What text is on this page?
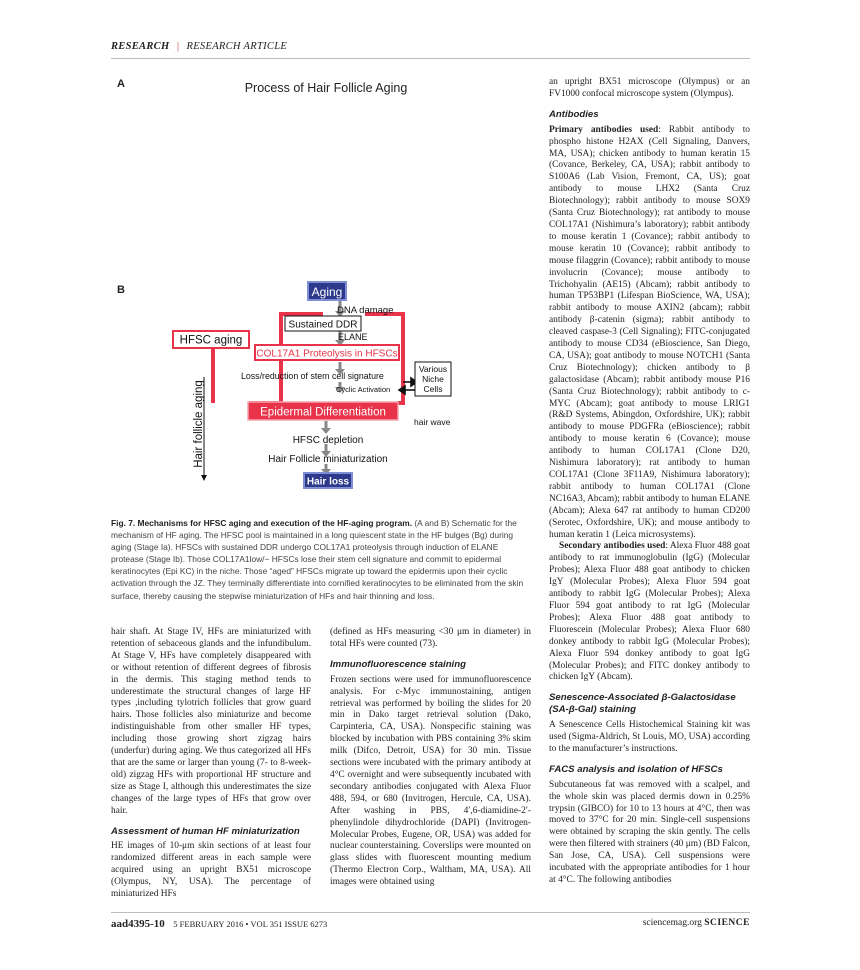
RESEARCH | RESEARCH ARTICLE
A	Process of Hair Follicle Aging
B	Aging
DNA damage
Sustained DDR
ELANE
HFSC aging
COL17A1 Proteolysis in HFSCs
Loss/reduction of stem cell signature
Cyclic Activation
Various
Niche
Cells
hair wave
Epidermal Differentiation
HFSC depletion
Hair Follicle miniaturization
Hair loss
Hair follicle aging
Fig. 7. Mechanisms for HFSC aging and execution of the HF-aging program. (A and B) Schematic for the mechanism of HF aging. The HFSC pool is maintained in a long quiescent state in the HF bulges (Bg) during aging (Stage Ia). HFSCs with sustained DDR undergo COL17A1 proteolysis through induction of ELANE protease (Stage Ib). Those COL17A1low/− HFSCs lose their stem cell signature and commit to epidermal keratinocytes (Epi KC) in the niche. Those “aged” HFSCs migrate up toward the epidermis upon their cyclic activation through the JZ. They terminally differentiate into cornified keratinocytes to be eliminated from the skin surface, thereby causing the stepwise miniaturization of HFs and hair thinning and loss.

hair shaft. At Stage IV, HFs are miniaturized with retention of sebaceous glands and the infundibulum. At Stage V, HFs have completely disappeared with or without retention of different degrees of fibrosis in the dermis. This staging method tends to underestimate the structural changes of large HF types ,including tylotrich follicles that grow guard hairs. Those follicles also miniaturize and become indistinguishable from other smaller HF types, including those growing short zigzag hairs (underfur) during aging. We thus categorized all HFs that are the same or larger than young (7- to 8-week-old) zigzag HFs with proportional HF structure and size as Stage I, although this underestimates the size changes of the large types of HFs that grow over hair.

Assessment of human HF miniaturization

HE images of 10-μm skin sections of at least four randomized different areas in each sample were acquired using an upright BX51 microscope (Olympus, NY, USA). The percentage of miniaturized HFs

(defined as HFs measuring <30 μm in diameter) in total HFs were counted (73).

Immunofluorescence staining

Frozen sections were used for immunofluorescence analysis. For c-Myc immunostaining, antigen retrieval was performed by boiling the slides for 20 min in Dako target retrieval solution (Dako, Carpinteria, CA, USA). Nonspecific staining was blocked by incubation with PBS containing 3% skim milk (Difco, Detroit, USA) for 30 min. Tissue sections were incubated with the primary antibody at 4°C overnight and were subsequently incubated with secondary antibodies conjugated with Alexa Fluor 488, 594, or 680 (Invitrogen, Hercule, CA, USA). After washing in PBS, 4′,6-diamidine-2′-phenylindole dihydrochloride (DAPI) (Invitrogen-Molecular Probes, Eugene, OR, USA) was added for nuclear counterstaining. Coverslips were mounted on glass slides with fluorescent mounting medium (Thermo Electron Corp., Waltham, MA, USA). All images were obtained using

an upright BX51 microscope (Olympus) or an FV1000 confocal microscope system (Olympus).

Antibodies

Primary antibodies used: Rabbit antibody to phospho histone H2AX (Cell Signaling, Danvers, MA, USA); chicken antibody to human keratin 15 (Covance, Berkeley, CA, USA); rabbit antibody to S100A6 (Lab Vision, Fremont, CA, US); goat antibody to mouse LHX2 (Santa Cruz Biotechnology); rabbit antibody to mouse SOX9 (Santa Cruz Biotechnology); rat antibody to mouse COL17A1 (Nishimura’s laboratory); rabbit antibody to mouse keratin 1 (Covance); rabbit antibody to mouse keratin 10 (Covance); rabbit antibody to mouse filaggrin (Covance); rabbit antibody to mouse involucrin (Covance); mouse antibody to Trichohyalin (AE15) (Abcam); rabbit antibody to human TP53BP1 (Lifespan BioScience, WA, USA); rabbit antibody to mouse AXIN2 (abcam); rabbit antibody β-catenin (sigma); rabbit antibody to cleaved caspase-3 (Cell Signaling); FITC-conjugated antibody to mouse CD34 (eBioscience, San Diego, CA, USA); goat antibody to mouse NOTCH1 (Santa Cruz Biotechnology); chicken antibody to β galactosidase (Abcam); rabbit antibody mouse P16 (Santa Cruz Biotechnology); rabbit antibody to c-MYC (Abcam); goat antibody to mouse LRIG1 (R&D Systems, Abingdon, Oxfordshire, UK); rabbit antibody to mouse PDGFRa (eBioscience); rabbit antibody to mouse keratin 6 (Covance); mouse antibody to human COL17A1 (Clone D20, Nishimura laboratory); rat antibody to human COL17A1 (Clone 3F11A9, Nishimura laboratory); rabbit antibody to human COL17A1 (Clone NC16A3, Abcam); rabbit antibody to human ELANE (Abcam); Alexa 647 rat antibody to human CD200 (Serotec, Oxfordshire, UK); and mouse antibody to human keratin 1 (Leica microsystems).

Secondary antibodies used: Alexa Fluor 488 goat antibody to rat immunoglobulin (IgG) (Molecular Probes); Alexa Fluor 488 goat antibody to chicken IgY (Molecular Probes); Alexa Fluor 594 goat antibody to rabbit IgG (Molecular Probes); Alexa Fluor 594 goat antibody to rat IgG (Molecular Probes); Alexa Fluor 488 goat antibody to Fluorescein (Molecular Probes); Alexa Fluor 680 donkey antibody to rabbit IgG (Molecular Probes); Alexa Fluor 594 donkey antibody to goat IgG (Molecular Probes); and FITC donkey antibody to chicken IgY (Abcam).

Senescence-Associated β-Galactosidase (SA-β-Gal) staining

A Senescence Cells Histochemical Staining kit was used (Sigma-Aldrich, St Louis, MO, USA) according to the manufacturer’s instructions.

FACS analysis and isolation of HFSCs

Subcutaneous fat was removed with a scalpel, and the whole skin was placed dermis down in 0.25% trypsin (GIBCO) for 10 to 13 hours at 4°C, then was moved to 37°C for 20 min. Single-cell suspensions were obtained by scraping the skin gently. The cells were then filtered with strainers (40 μm) (BD Falcon, San Jose, CA, USA). Cell suspensions were incubated with the appropriate antibodies for 1 hour at 4°C. The following antibodies

aad4395-10 5 FEBRUARY 2016 • VOL 351 ISSUE 6273	sciencemag.org SCIENCE
